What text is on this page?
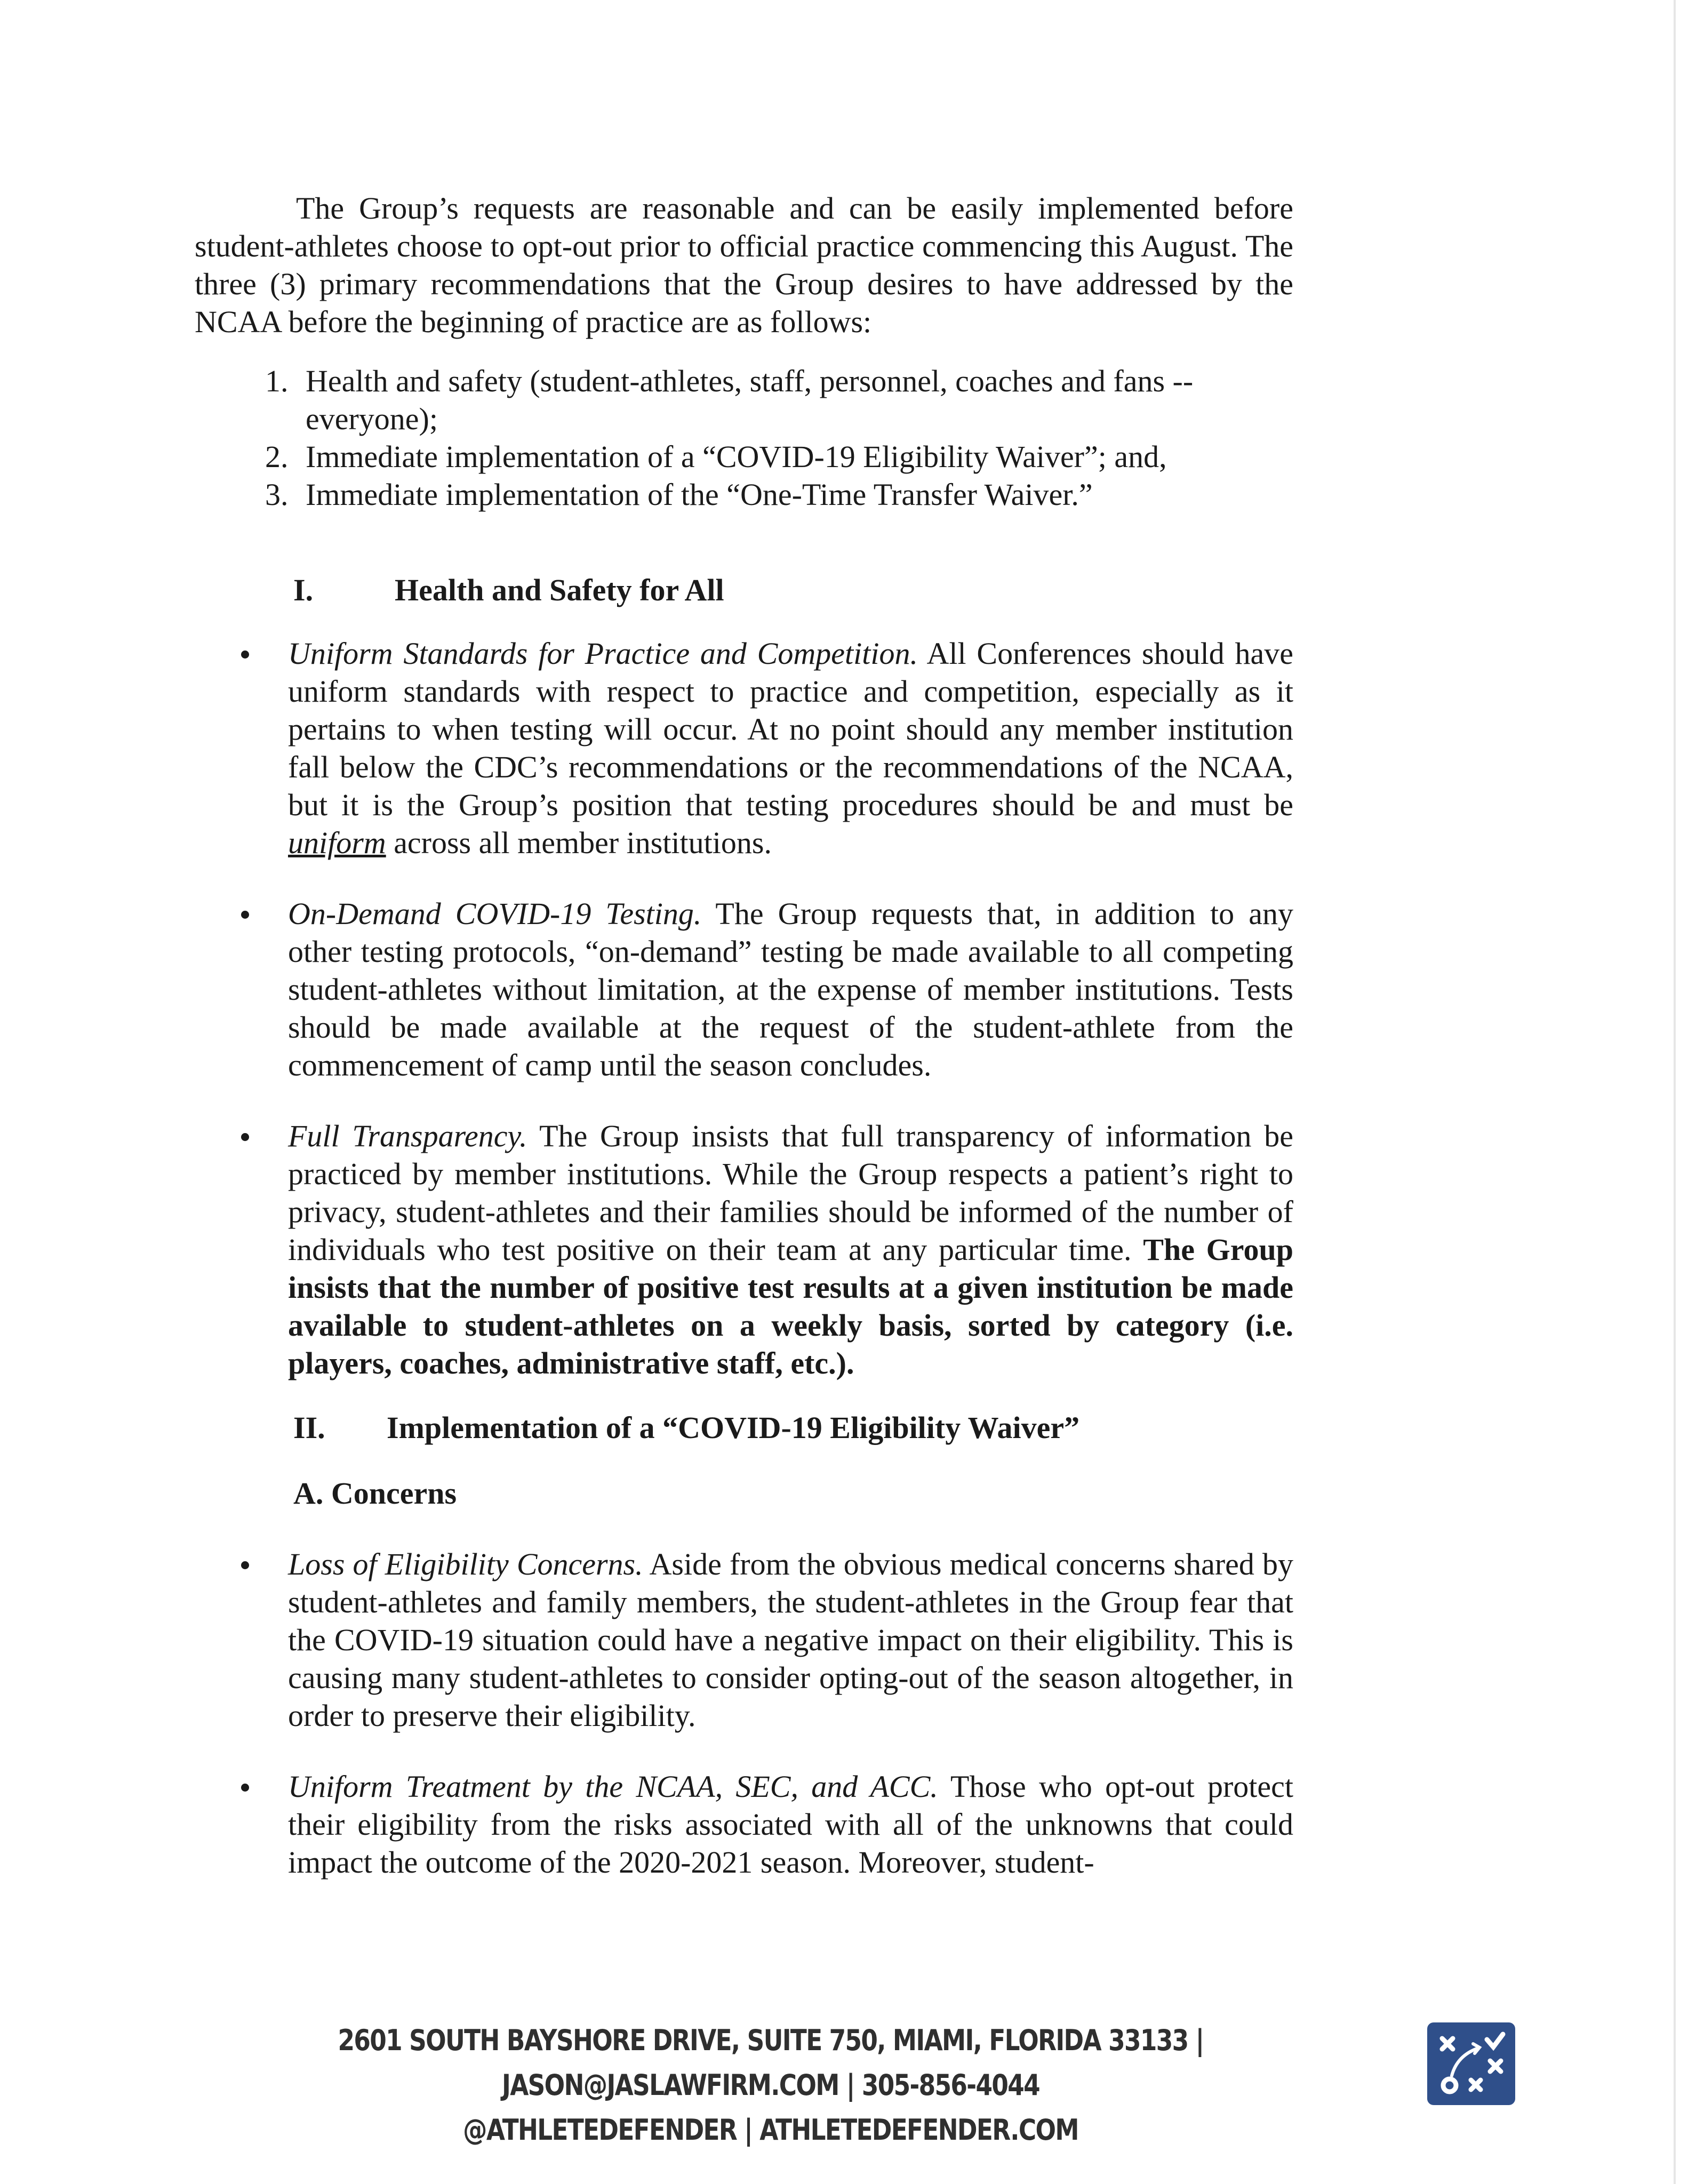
The Group’s requests are reasonable and can be easily implemented before student-athletes choose to opt-out prior to official practice commencing this August. The three (3) primary recommendations that the Group desires to have addressed by the NCAA before the beginning of practice are as follows:

1. Health and safety (student-athletes, staff, personnel, coaches and fans -- everyone);
2. Immediate implementation of a “COVID-19 Eligibility Waiver”; and,
3. Immediate implementation of the “One-Time Transfer Waiver.”
I.	Health and Safety for All
Uniform Standards for Practice and Competition. All Conferences should have uniform standards with respect to practice and competition, especially as it pertains to when testing will occur. At no point should any member institution fall below the CDC’s recommendations or the recommendations of the NCAA, but it is the Group’s position that testing procedures should be and must be uniform across all member institutions.
On-Demand COVID-19 Testing. The Group requests that, in addition to any other testing protocols, “on-demand” testing be made available to all competing student-athletes without limitation, at the expense of member institutions. Tests should be made available at the request of the student-athlete from the commencement of camp until the season concludes.
Full Transparency. The Group insists that full transparency of information be practiced by member institutions. While the Group respects a patient’s right to privacy, student-athletes and their families should be informed of the number of individuals who test positive on their team at any particular time. The Group insists that the number of positive test results at a given institution be made available to student-athletes on a weekly basis, sorted by category (i.e. players, coaches, administrative staff, etc.).
II.	Implementation of a “COVID-19 Eligibility Waiver”
A. Concerns
Loss of Eligibility Concerns. Aside from the obvious medical concerns shared by student-athletes and family members, the student-athletes in the Group fear that the COVID-19 situation could have a negative impact on their eligibility. This is causing many student-athletes to consider opting-out of the season altogether, in order to preserve their eligibility.
Uniform Treatment by the NCAA, SEC, and ACC. Those who opt-out protect their eligibility from the risks associated with all of the unknowns that could impact the outcome of the 2020-2021 season. Moreover, student-
2601 SOUTH BAYSHORE DRIVE, SUITE 750, MIAMI, FLORIDA 33133 | JASON@JASLAWFIRM.COM | 305-856-4044
@ATHLETEDEFENDER | ATHLETEDEFENDER.COM
